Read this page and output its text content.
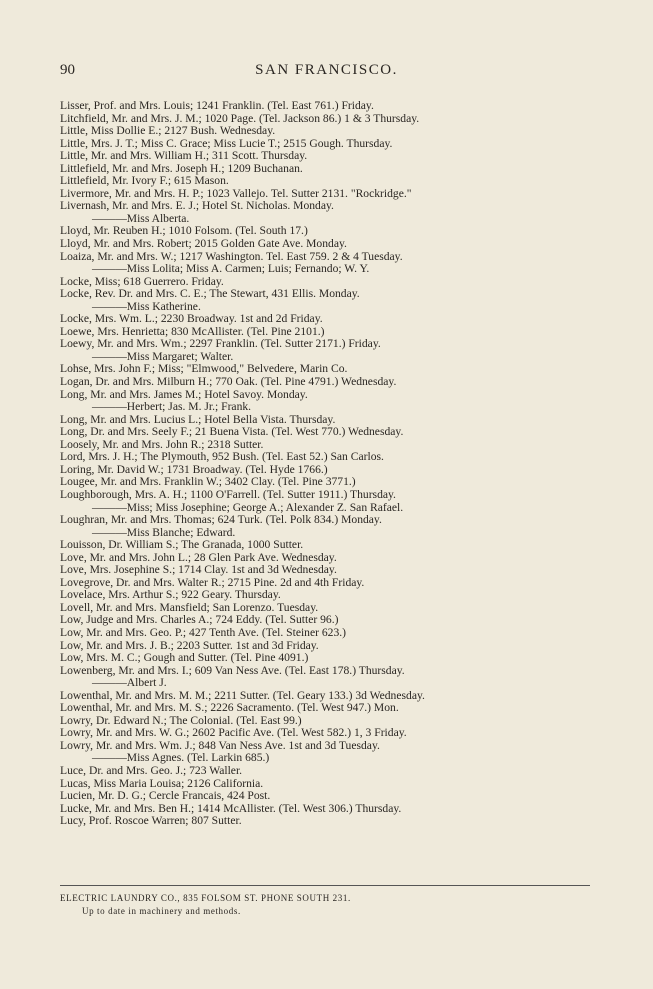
90	SAN FRANCISCO.
Lisser, Prof. and Mrs. Louis; 1241 Franklin. (Tel. East 761.) Friday.
Litchfield, Mr. and Mrs. J. M.; 1020 Page. (Tel. Jackson 86.) 1 & 3 Thursday.
Little, Miss Dollie E.; 2127 Bush. Wednesday.
Little, Mrs. J. T.; Miss C. Grace; Miss Lucie T.; 2515 Gough. Thursday.
Little, Mr. and Mrs. William H.; 311 Scott. Thursday.
Littlefield, Mr. and Mrs. Joseph H.; 1209 Buchanan.
Littlefield, Mr. Ivory F.; 615 Mason.
Livermore, Mr. and Mrs. H. P.; 1023 Vallejo. Tel. Sutter 2131. "Rockridge."
Livernash, Mr. and Mrs. E. J.; Hotel St. Nicholas. Monday.
———Miss Alberta.
Lloyd, Mr. Reuben H.; 1010 Folsom. (Tel. South 17.)
Lloyd, Mr. and Mrs. Robert; 2015 Golden Gate Ave. Monday.
Loaiza, Mr. and Mrs. W.; 1217 Washington. Tel. East 759. 2 & 4 Tuesday.
———Miss Lolita; Miss A. Carmen; Luis; Fernando; W. Y.
Locke, Miss; 618 Guerrero. Friday.
Locke, Rev. Dr. and Mrs. C. E.; The Stewart, 431 Ellis. Monday.
———Miss Katherine.
Locke, Mrs. Wm. L.; 2230 Broadway. 1st and 2d Friday.
Loewe, Mrs. Henrietta; 830 McAllister. (Tel. Pine 2101.)
Loewy, Mr. and Mrs. Wm.; 2297 Franklin. (Tel. Sutter 2171.) Friday.
———Miss Margaret; Walter.
Lohse, Mrs. John F.; Miss; "Elmwood," Belvedere, Marin Co.
Logan, Dr. and Mrs. Milburn H.; 770 Oak. (Tel. Pine 4791.) Wednesday.
Long, Mr. and Mrs. James M.; Hotel Savoy. Monday.
———Herbert; Jas. M. Jr.; Frank.
Long, Mr. and Mrs. Lucius L.; Hotel Bella Vista. Thursday.
Long, Dr. and Mrs. Seely F.; 21 Buena Vista. (Tel. West 770.) Wednesday.
Loosely, Mr. and Mrs. John R.; 2318 Sutter.
Lord, Mrs. J. H.; The Plymouth, 952 Bush. (Tel. East 52.) San Carlos.
Loring, Mr. David W.; 1731 Broadway. (Tel. Hyde 1766.)
Lougee, Mr. and Mrs. Franklin W.; 3402 Clay. (Tel. Pine 3771.)
Loughborough, Mrs. A. H.; 1100 O'Farrell. (Tel. Sutter 1911.) Thursday.
———Miss; Miss Josephine; George A.; Alexander Z. San Rafael.
Loughran, Mr. and Mrs. Thomas; 624 Turk. (Tel. Polk 834.) Monday.
———Miss Blanche; Edward.
Louisson, Dr. William S.; The Granada, 1000 Sutter.
Love, Mr. and Mrs. John L.; 28 Glen Park Ave. Wednesday.
Love, Mrs. Josephine S.; 1714 Clay. 1st and 3d Wednesday.
Lovegrove, Dr. and Mrs. Walter R.; 2715 Pine. 2d and 4th Friday.
Lovelace, Mrs. Arthur S.; 922 Geary. Thursday.
Lovell, Mr. and Mrs. Mansfield; San Lorenzo. Tuesday.
Low, Judge and Mrs. Charles A.; 724 Eddy. (Tel. Sutter 96.)
Low, Mr. and Mrs. Geo. P.; 427 Tenth Ave. (Tel. Steiner 623.)
Low, Mr. and Mrs. J. B.; 2203 Sutter. 1st and 3d Friday.
Low, Mrs. M. C.; Gough and Sutter. (Tel. Pine 4091.)
Lowenberg, Mr. and Mrs. I.; 609 Van Ness Ave. (Tel. East 178.) Thursday.
———Albert J.
Lowenthal, Mr. and Mrs. M. M.; 2211 Sutter. (Tel. Geary 133.) 3d Wednesday.
Lowenthal, Mr. and Mrs. M. S.; 2226 Sacramento. (Tel. West 947.) Mon.
Lowry, Dr. Edward N.; The Colonial. (Tel. East 99.)
Lowry, Mr. and Mrs. W. G.; 2602 Pacific Ave. (Tel. West 582.) 1, 3 Friday.
Lowry, Mr. and Mrs. Wm. J.; 848 Van Ness Ave. 1st and 3d Tuesday.
———Miss Agnes. (Tel. Larkin 685.)
Luce, Dr. and Mrs. Geo. J.; 723 Waller.
Lucas, Miss Maria Louisa; 2126 California.
Lucien, Mr. D. G.; Cercle Francais, 424 Post.
Lucke, Mr. and Mrs. Ben H.; 1414 McAllister. (Tel. West 306.) Thursday.
Lucy, Prof. Roscoe Warren; 807 Sutter.
ELECTRIC LAUNDRY CO., 835 FOLSOM ST. PHONE SOUTH 231.
Up to date in machinery and methods.
